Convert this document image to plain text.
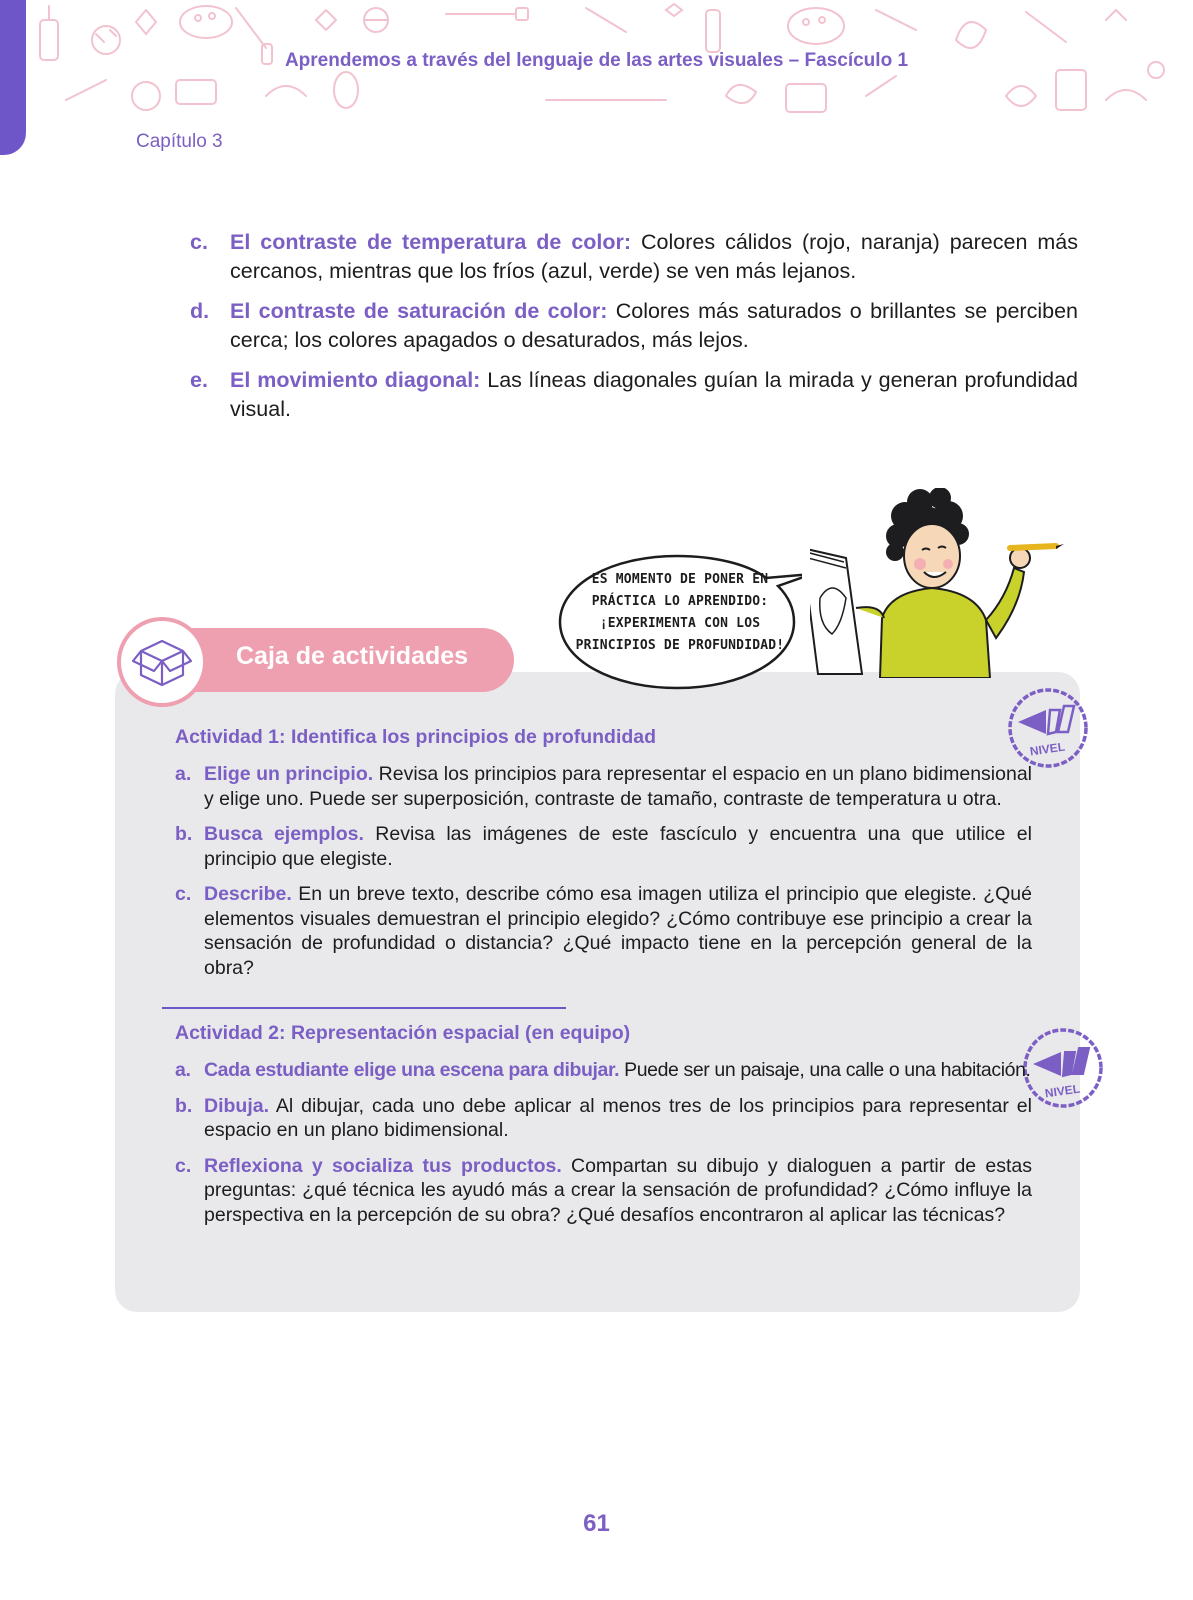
Aprendemos a través del lenguaje de las artes visuales – Fascículo 1
Capítulo 3
c. El contraste de temperatura de color: Colores cálidos (rojo, naranja) parecen más cercanos, mientras que los fríos (azul, verde) se ven más lejanos.
d. El contraste de saturación de color: Colores más saturados o brillantes se perciben cerca; los colores apagados o desaturados, más lejos.
e. El movimiento diagonal: Las líneas diagonales guían la mirada y generan profundidad visual.
ES MOMENTO DE PONER EN PRÁCTICA LO APRENDIDO: ¡EXPERIMENTA CON LOS PRINCIPIOS DE PROFUNDIDAD!
Caja de actividades
NIVEL
NIVEL
Actividad 1: Identifica los principios de profundidad
a. Elige un principio. Revisa los principios para representar el espacio en un plano bidimensional y elige uno. Puede ser superposición, contraste de tamaño, contraste de temperatura u otra.
b. Busca ejemplos. Revisa las imágenes de este fascículo y encuentra una que utilice el principio que elegiste.
c. Describe. En un breve texto, describe cómo esa imagen utiliza el principio que elegiste. ¿Qué elementos visuales demuestran el principio elegido? ¿Cómo contribuye ese principio a crear la sensación de profundidad o distancia? ¿Qué impacto tiene en la percepción general de la obra?
Actividad 2: Representación espacial (en equipo)
a. Cada estudiante elige una escena para dibujar. Puede ser un paisaje, una calle o una habitación.
b. Dibuja. Al dibujar, cada uno debe aplicar al menos tres de los principios para representar el espacio en un plano bidimensional.
c. Reflexiona y socializa tus productos. Compartan su dibujo y dialoguen a partir de estas preguntas: ¿qué técnica les ayudó más a crear la sensación de profundidad? ¿Cómo influye la perspectiva en la percepción de su obra? ¿Qué desafíos encontraron al aplicar las técnicas?
61
